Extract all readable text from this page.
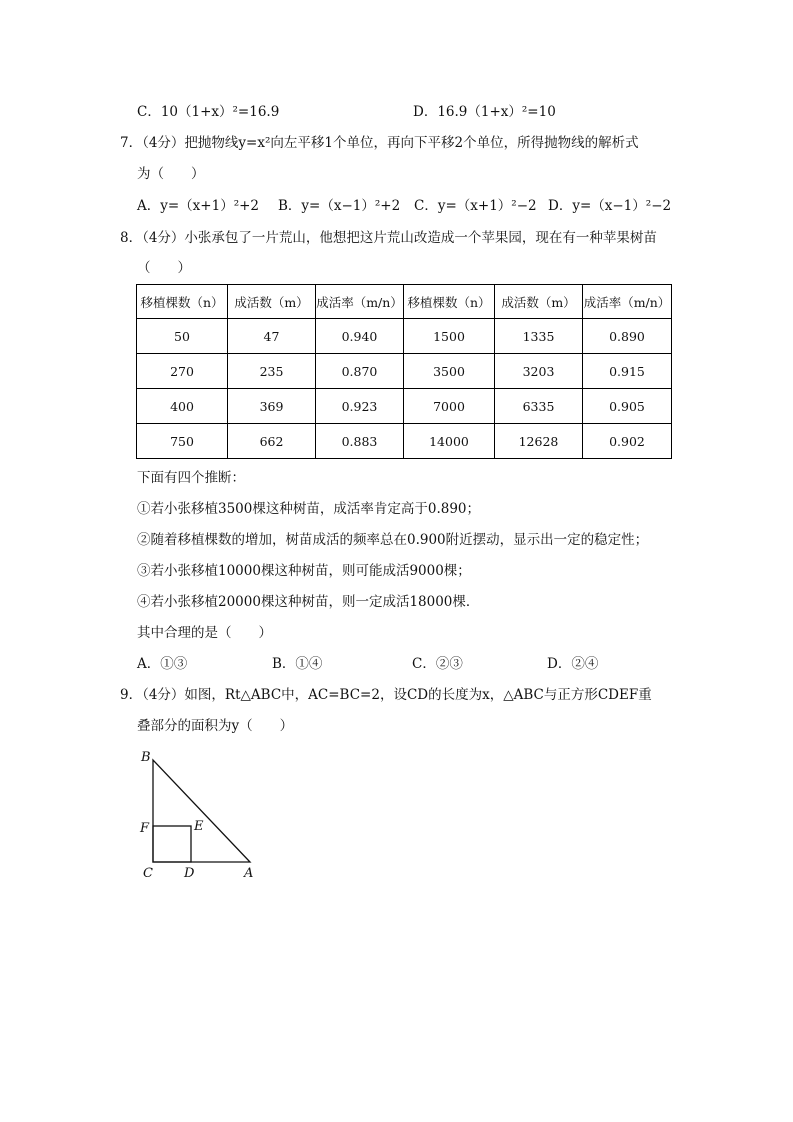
C．10（1+x）²=16.9	D．16.9（1+x）²=10
7．（4分）把抛物线y=x²向左平移1个单位，再向下平移2个单位，所得抛物线的解析式
为（　　）
A．y=（x+1）²+2 B．y=（x−1）²+2 C．y=（x+1）²−2 D．y=（x−1）²−2
8．（4分）小张承包了一片荒山，他想把这片荒山改造成一个苹果园，现在有一种苹果树苗
（　　）
移植棵数（n）	成活数（m）	成活率（m/n）	移植棵数（n）	成活数（m）	成活率（m/n）
50	47	0.940	1500	1335	0.890
270	235	0.870	3500	3203	0.915
400	369	0.923	7000	6335	0.905
750	662	0.883	14000	12628	0.902
下面有四个推断：
①若小张移植3500棵这种树苗，成活率肯定高于0.890；
②随着移植棵数的增加，树苗成活的频率总在0.900附近摆动，显示出一定的稳定性；
③若小张移植10000棵这种树苗，则可能成活9000棵；
④若小张移植20000棵这种树苗，则一定成活18000棵．
其中合理的是（　　）
A．①③	B．①④	C．②③	D．②④
9．（4分）如图，Rt△ABC中，AC=BC=2，设CD的长度为x，△ABC与正方形CDEF重
叠部分的面积为y（　　）
B
F	E
C D	A
